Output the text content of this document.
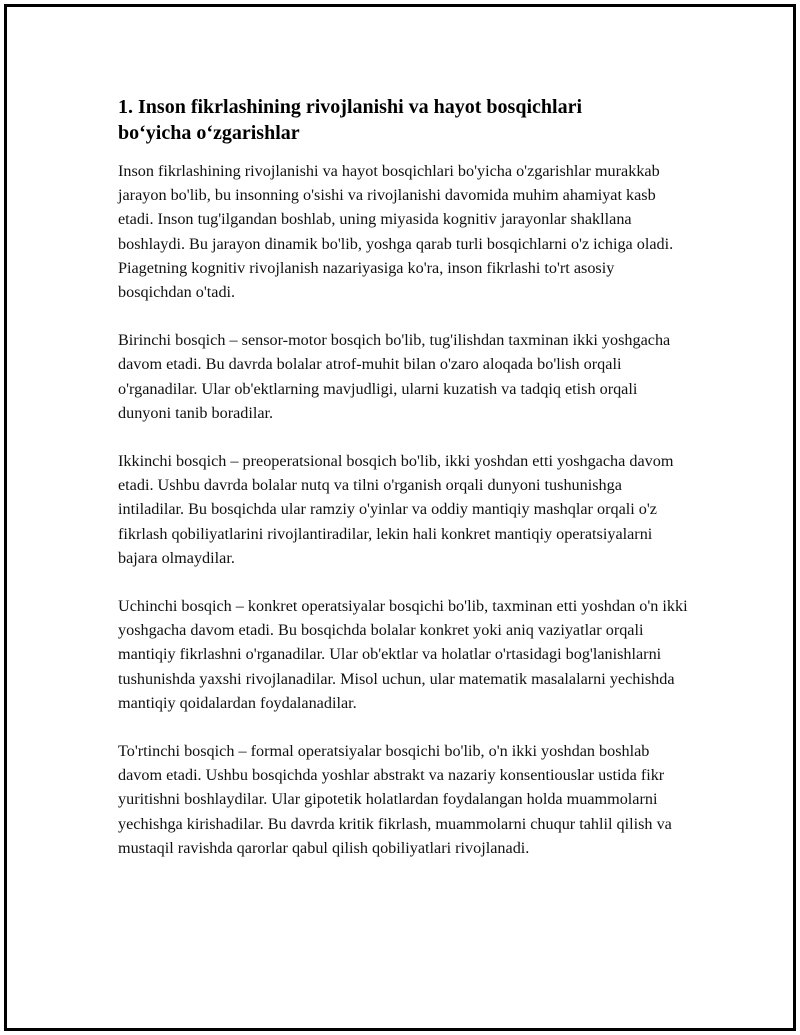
1. Inson fikrlashining rivojlanishi va hayot bosqichlari
bo‘yicha o‘zgarishlar

Inson fikrlashining rivojlanishi va hayot bosqichlari bo'yicha o'zgarishlar murakkab jarayon bo'lib, bu insonning o'sishi va rivojlanishi davomida muhim ahamiyat kasb etadi. Inson tug'ilgandan boshlab, uning miyasida kognitiv jarayonlar shakllana boshlaydi. Bu jarayon dinamik bo'lib, yoshga qarab turli bosqichlarni o'z ichiga oladi. Piagetning kognitiv rivojlanish nazariyasiga ko'ra, inson fikrlashi to'rt asosiy bosqichdan o'tadi.

Birinchi bosqich – sensor-motor bosqich bo'lib, tug'ilishdan taxminan ikki yoshgacha davom etadi. Bu davrda bolalar atrof-muhit bilan o'zaro aloqada bo'lish orqali o'rganadilar. Ular ob'ektlarning mavjudligi, ularni kuzatish va tadqiq etish orqali dunyoni tanib boradilar.

Ikkinchi bosqich – preoperatsional bosqich bo'lib, ikki yoshdan etti yoshgacha davom etadi. Ushbu davrda bolalar nutq va tilni o'rganish orqali dunyoni tushunishga intiladilar. Bu bosqichda ular ramziy o'yinlar va oddiy mantiqiy mashqlar orqali o'z fikrlash qobiliyatlarini rivojlantiradilar, lekin hali konkret mantiqiy operatsiyalarni bajara olmaydilar.

Uchinchi bosqich – konkret operatsiyalar bosqichi bo'lib, taxminan etti yoshdan o'n ikki yoshgacha davom etadi. Bu bosqichda bolalar konkret yoki aniq vaziyatlar orqali mantiqiy fikrlashni o'rganadilar. Ular ob'ektlar va holatlar o'rtasidagi bog'lanishlarni tushunishda yaxshi rivojlanadilar. Misol uchun, ular matematik masalalarni yechishda mantiqiy qoidalardan foydalanadilar.

To'rtinchi bosqich – formal operatsiyalar bosqichi bo'lib, o'n ikki yoshdan boshlab davom etadi. Ushbu bosqichda yoshlar abstrakt va nazariy konsentiouslar ustida fikr yuritishni boshlaydilar. Ular gipotetik holatlardan foydalangan holda muammolarni yechishga kirishadilar. Bu davrda kritik fikrlash, muammolarni chuqur tahlil qilish va mustaqil ravishda qarorlar qabul qilish qobiliyatlari rivojlanadi.
